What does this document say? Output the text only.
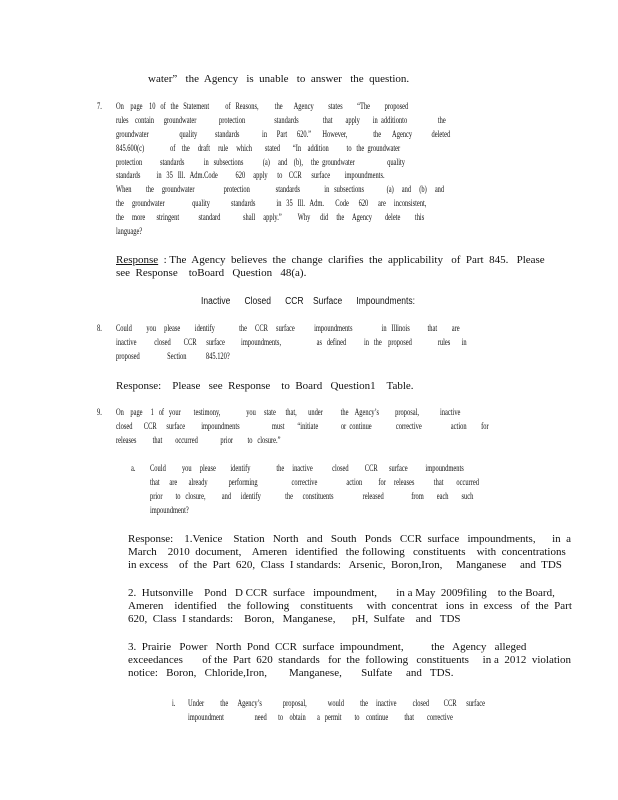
water”   the  Agency   is  unable   to  answer   the  question.
7. On    page    10   of   the   Statement          of   Reasons,          the       Agency         states         “The         proposed
rules    contain      groundwater              protection                  standards               that        apply        in  additionto                   the
groundwater                   quality           standards              in      Part      620.”       However,                the       Agency            deleted
845.600(c)                of    the     draft     rule     which        stated        “In    addition           to   the  groundwater
protection           standards            in   subsections            (a)     and    (b),     the  groundwater                    quality
standards          in   35   Ill.   Adm.Code           620     apply      to    CCR      surface         impoundments.
When         the     groundwater                  protection                standards               in   subsections              (a)     and     (b)     and
the     groundwater                 quality             standards             in   35   Ill.   Adm.       Code      620      are     inconsistent,
the     more       stringent            standard              shall     apply.”          Why      did     the     Agency        delete         this
language?
Response  : The  Agency  believes  the  change  clarifies  the  applicability   of  Part  845.   Please
see  Response    toBoard   Question   48(a).
Inactive      Closed      CCR    Surface      Impoundments:
8. Could         you     please         identify               the     CCR     surface            impoundments                  in   Illinois           that         are
inactive           closed        CCR      surface          impoundments,                      as   defined           in   the    proposed                rules       in
proposed                 Section            845.120?
Response:    Please   see  Response    to  Board   Question1    Table.
9. On    page     1   of   your        testimony,                you     state      that,       under           the    Agency’s          proposal,             inactive
closed       CCR      surface          impoundments                    must        “initiate              or  continue               corrective                  action         for
releases          that        occurred              prior         to   closure.”
a. Could          you     please         identify                the     inactive            closed          CCR       surface           impoundments
that      are       already             performing                     corrective                  action          for     releases            that        occurred
prior        to   closure,          and      identify               the      constituents                  released                 from        each        such
impoundment?
Response:    1.Venice    Station   North   and   South   Ponds   CCR  surface   impoundments,      in  a
March    2010  document,    Ameren   identified   the following   constituents    with  concentrations
in excess    of  the  Part  620,  Class  I standards:   Arsenic,  Boron,Iron,     Manganese     and  TDS
2.  Hutsonville    Pond   D CCR  surface   impoundment,       in a May  2009filing    to the Board,
Ameren    identified    the  following    constituents     with  concentrat   ions  in  excess   of  the  Part
620,  Class  I standards:    Boron,   Manganese,      pH,  Sulfate    and   TDS
3.  Prairie   Power   North  Pond  CCR  surface  impoundment,          the   Agency   alleged
exceedances       of the  Part  620  standards   for  the  following   constituents     in a  2012  violation
notice:   Boron,   Chloride,Iron,        Manganese,       Sulfate     and   TDS.
i. Under          the      Agency’s             proposal,             would          the     inactive          closed         CCR      surface
impoundment                   need       to    obtain       a   permit        to    continue          that        corrective
